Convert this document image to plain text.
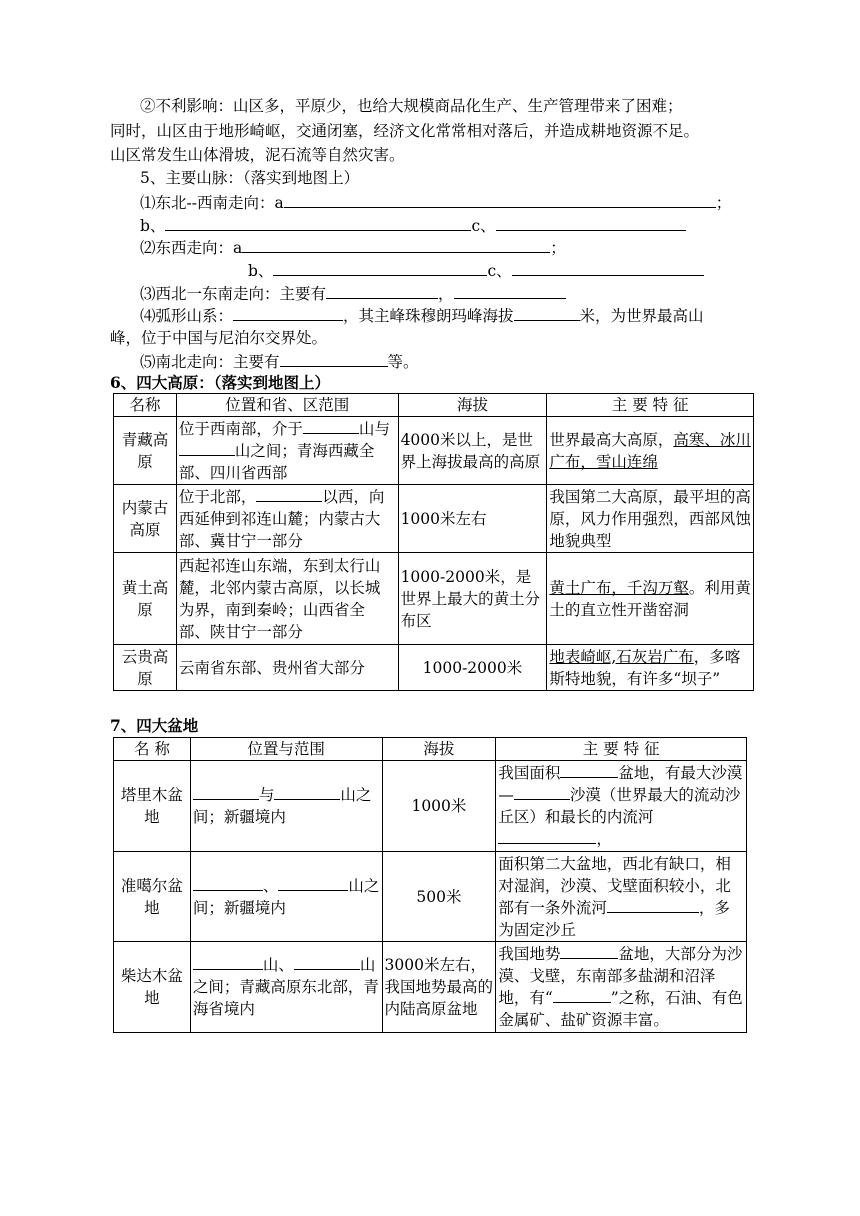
②不利影响：山区多，平原少，也给大规模商品化生产、生产管理带来了困难；
同时，山区由于地形崎岖，交通闭塞，经济文化常常相对落后，并造成耕地资源不足。
山区常发生山体滑坡，泥石流等自然灾害。
5、主要山脉：（落实到地图上）
⑴东北--西南走向：a	；
b、	c、
⑵东西走向：a	；
b、	c、
⑶西北一东南走向：主要有	，
⑷弧形山系：	，其主峰珠穆朗玛峰海拔	米，为世界最高山
峰，位于中国与尼泊尔交界处。
⑸南北走向：主要有	等。
6、四大高原：（落实到地图上）
名称	位置和省、区范围	海拔	主 要 特 征
青藏高原	位于西南部，介于 山与山之间；青海西藏全部、四川省西部	4000米以上，是世界上海拔最高的高原	世界最高大高原，高寒、冰川广布，雪山连绵
内蒙古高原	位于北部， 以西，向西延伸到祁连山麓；内蒙古大部、冀甘宁一部分	1000米左右	我国第二大高原，最平坦的高原，风力作用强烈，西部风蚀地貌典型
黄土高原	西起祁连山东端，东到太行山麓，北邻内蒙古高原，以长城为界，南到秦岭；山西省全部、陕甘宁一部分	1000-2000米，是世界上最大的黄土分布区	黄土广布，千沟万壑。利用黄土的直立性开凿窑洞
云贵高原	云南省东部、贵州省大部分	1000-2000米	地表崎岖,石灰岩广布，多喀斯特地貌，有许多“坝子”
7、四大盆地
名 称	位置与范围	海拔	主 要 特 征
塔里木盆地	与 山之间；新疆境内	1000米	我国面积 盆地，有最大沙漠— 沙漠（世界最大的流动沙丘区）和最长的内流河，
准噶尔盆地	、 山之间；新疆境内	500米	面积第二大盆地，西北有缺口，相对湿润，沙漠、戈壁面积较小，北部有一条外流河 ，多为固定沙丘
柴达木盆地	山、 山之间；青藏高原东北部，青海省境内	3000米左右，我国地势最高的内陆高原盆地	我国地势 盆地，大部分为沙漠、戈壁，东南部多盐湖和沼泽地，有“ ”之称，石油、有色金属矿、盐矿资源丰富。
